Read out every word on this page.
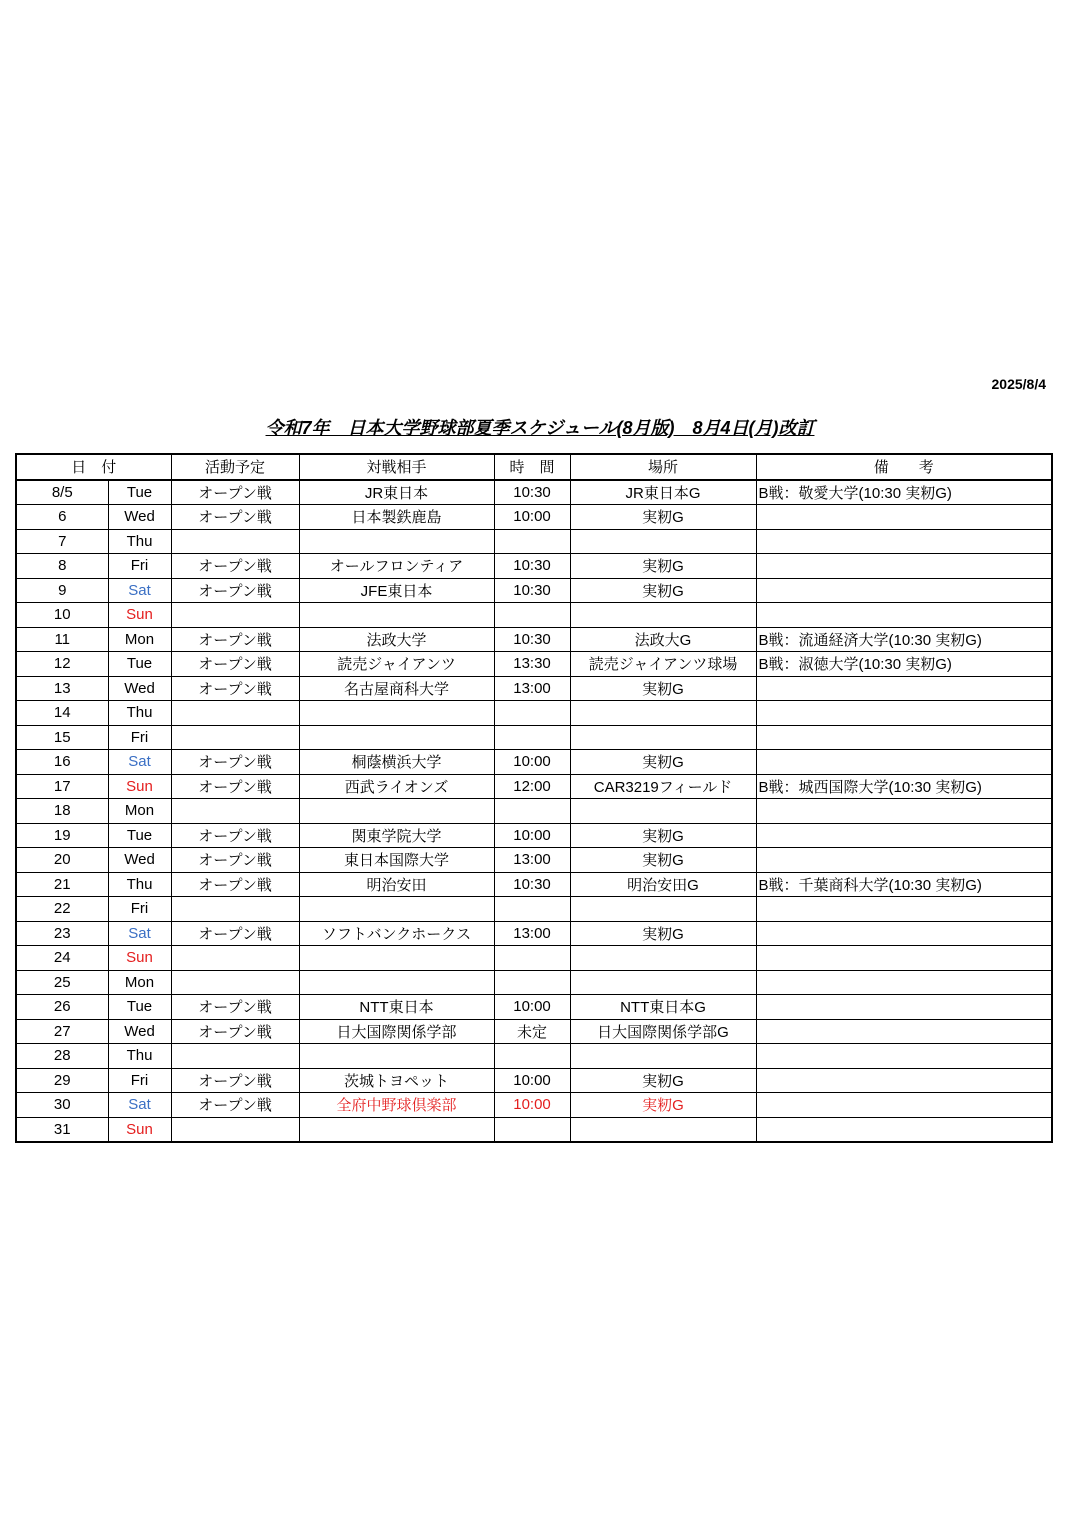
2025/8/4
令和7年　日本大学野球部夏季スケジュール(8月版)　8月4日(月)改訂
日　付		活動予定	対戦相手	時　間	場所	備　　考
8/5	Tue	オープン戦	JR東日本	10:30	JR東日本G	B戦：敬愛大学(10:30 実籾G)
6	Wed	オープン戦	日本製鉄鹿島	10:00	実籾G	
7	Thu					
8	Fri	オープン戦	オールフロンティア	10:30	実籾G	
9	Sat	オープン戦	JFE東日本	10:30	実籾G	
10	Sun					
11	Mon	オープン戦	法政大学	10:30	法政大G	B戦：流通経済大学(10:30 実籾G)
12	Tue	オープン戦	読売ジャイアンツ	13:30	読売ジャイアンツ球場	B戦：淑徳大学(10:30 実籾G)
13	Wed	オープン戦	名古屋商科大学	13:00	実籾G	
14	Thu					
15	Fri					
16	Sat	オープン戦	桐蔭横浜大学	10:00	実籾G	
17	Sun	オープン戦	西武ライオンズ	12:00	CAR3219フィールド	B戦：城西国際大学(10:30 実籾G)
18	Mon					
19	Tue	オープン戦	関東学院大学	10:00	実籾G	
20	Wed	オープン戦	東日本国際大学	13:00	実籾G	
21	Thu	オープン戦	明治安田	10:30	明治安田G	B戦：千葉商科大学(10:30 実籾G)
22	Fri					
23	Sat	オープン戦	ソフトバンクホークス	13:00	実籾G	
24	Sun					
25	Mon					
26	Tue	オープン戦	NTT東日本	10:00	NTT東日本G	
27	Wed	オープン戦	日大国際関係学部	未定	日大国際関係学部G	
28	Thu					
29	Fri	オープン戦	茨城トヨペット	10:00	実籾G	
30	Sat	オープン戦	全府中野球倶楽部	10:00	実籾G	
31	Sun					
